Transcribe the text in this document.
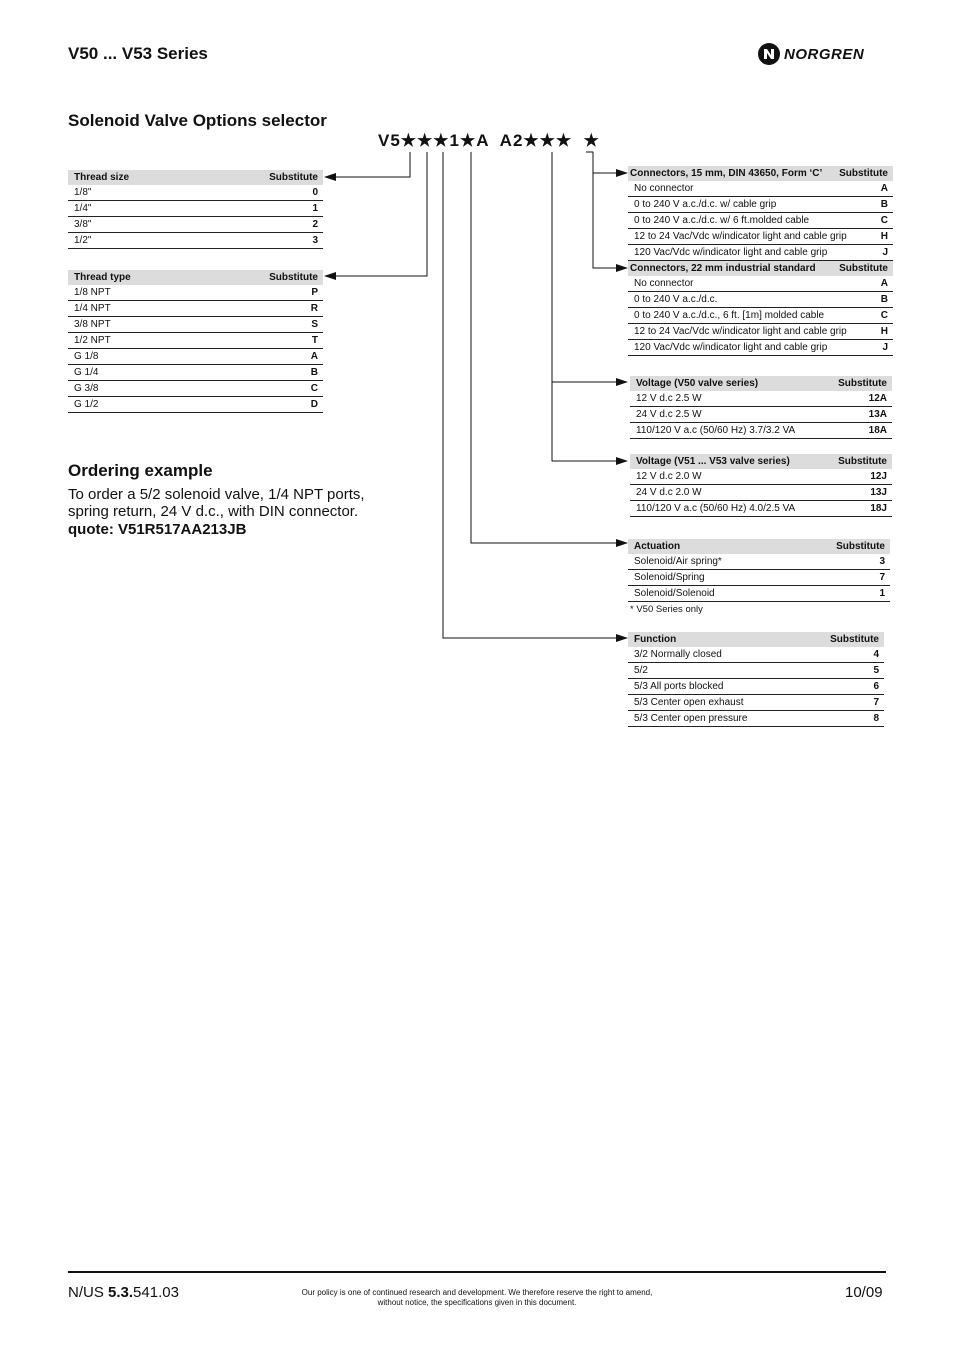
V50 ... V53 Series	NORGREN
Solenoid Valve Options selector
V5★★★1★A  A2★★★  ★
Thread size	Substitute
1/8"	0
1/4"	1
3/8"	2
1/2"	3
Thread type	Substitute
1/8 NPT	P
1/4 NPT	R
3/8 NPT	S
1/2 NPT	T
G 1/8	A
G 1/4	B
G 3/8	C
G 1/2	D
Connectors, 15 mm, DIN 43650, Form ‘C’ Substitute
No connector	A
0 to 240 V a.c./d.c. w/ cable grip	B
0 to 240 V a.c./d.c. w/ 6 ft.molded cable	C
12 to 24 Vac/Vdc w/indicator light and cable grip	H
120 Vac/Vdc w/indicator light and cable grip	J
Connectors, 22 mm industrial standard Substitute
No connector	A
0 to 240 V a.c./d.c.	B
0 to 240 V a.c./d.c., 6 ft. [1m] molded cable	C
12 to 24 Vac/Vdc w/indicator light and cable grip	H
120 Vac/Vdc w/indicator light and cable grip	J
Voltage (V50 valve series)	Substitute
12 V d.c 2.5 W	12A
24 V d.c 2.5 W	13A
110/120 V a.c (50/60 Hz) 3.7/3.2 VA	18A
Voltage (V51 ... V53 valve series)	Substitute
12 V d.c 2.0 W	12J
24 V d.c 2.0 W	13J
110/120 V a.c (50/60 Hz) 4.0/2.5 VA	18J
Actuation	Substitute
Solenoid/Air spring*	3
Solenoid/Spring	7
Solenoid/Solenoid	1
* V50 Series only
Function	Substitute
3/2 Normally closed	4
5/2	5
5/3 All ports blocked	6
5/3 Center open exhaust	7
5/3 Center open pressure	8
Ordering example
To order a 5/2 solenoid valve, 1/4 NPT ports, spring return, 24 V d.c., with DIN connector.
quote: V51R517AA213JB
N/US 5.3.541.03	Our policy is one of continued research and development. We therefore reserve the right to amend,
without notice, the specifications given in this document.
10/09
